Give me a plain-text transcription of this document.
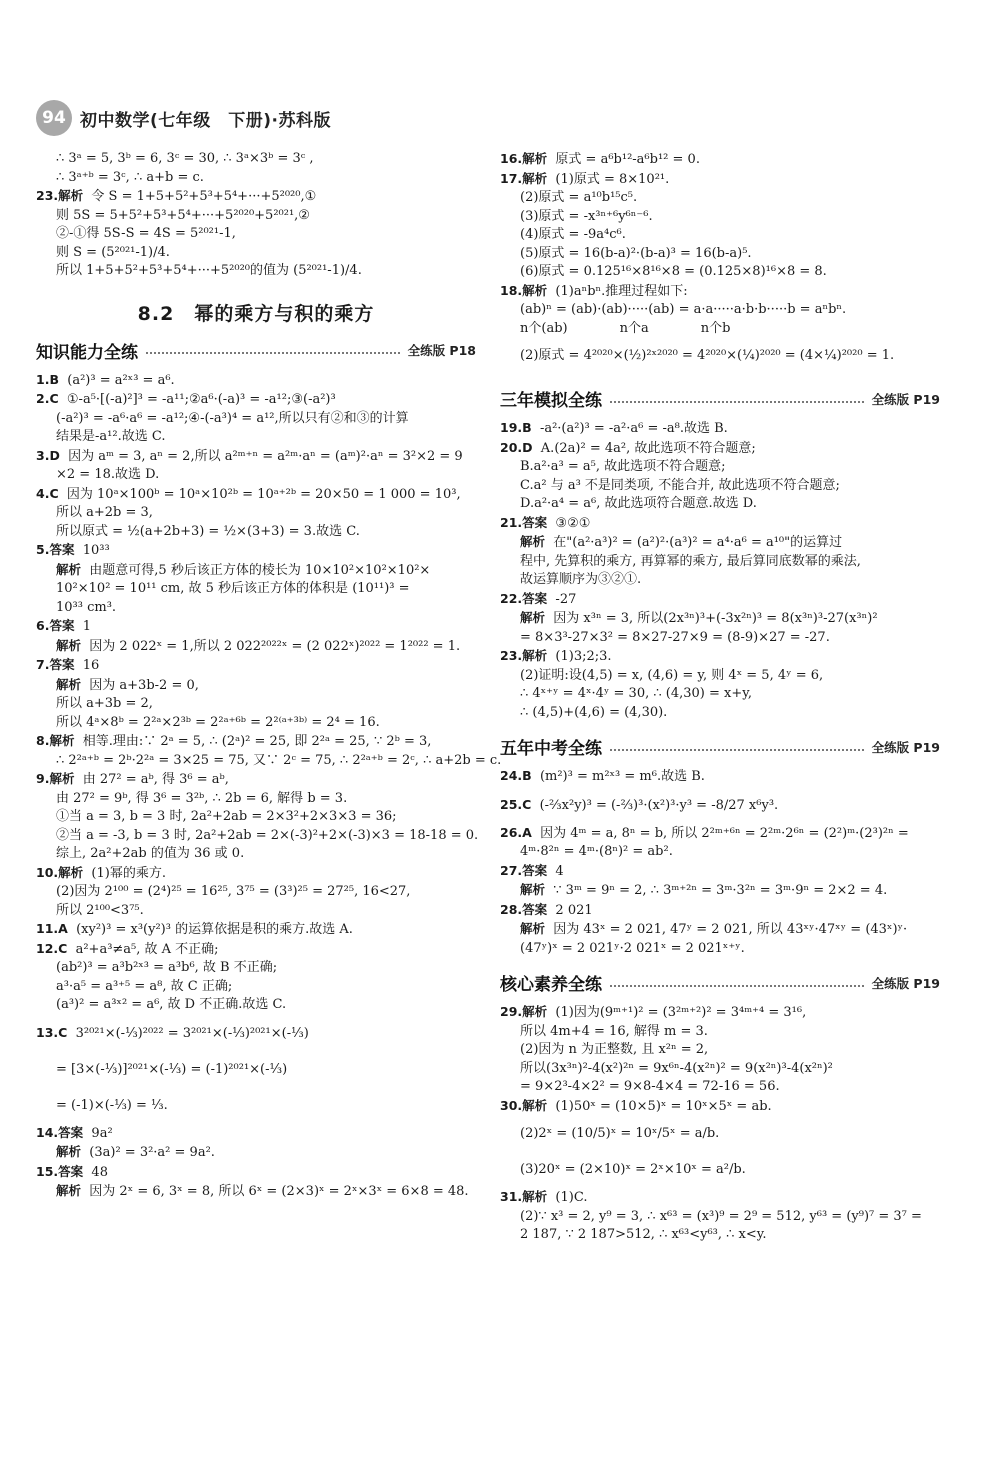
94 初中数学(七年级　下册)·苏科版
∴ 3ᵃ = 5, 3ᵇ = 6, 3ᶜ = 30, ∴ 3ᵃ×3ᵇ = 3ᶜ ,
∴ 3ᵃ⁺ᵇ = 3ᶜ, ∴ a+b = c.
23.解析 令 S = 1+5+5²+5³+5⁴+···+5²⁰²⁰,①
则 5S = 5+5²+5³+5⁴+···+5²⁰²⁰+5²⁰²¹,②
②-①得 5S-S = 4S = 5²⁰²¹-1,
则 S = (5²⁰²¹-1)/4.
所以 1+5+5²+5³+5⁴+···+5²⁰²⁰的值为 (5²⁰²¹-1)/4.
8.2　幂的乘方与积的乘方
知识能力全练	全练版 P18
1.B (a²)³ = a²ˣ³ = a⁶.
2.C ①-a⁵·[(-a)²]³ = -a¹¹;②a⁶·(-a)³ = -a¹²;③(-a²)³
(-a²)³ = -a⁶·a⁶ = -a¹²;④-(-a³)⁴ = a¹²,所以只有②和③的计算
结果是-a¹².故选 C.
3.D 因为 aᵐ = 3, aⁿ = 2,所以 a²ᵐ⁺ⁿ = a²ᵐ·aⁿ = (aᵐ)²·aⁿ = 3²×2 = 9
×2 = 18.故选 D.
4.C 因为 10ᵃ×100ᵇ = 10ᵃ×10²ᵇ = 10ᵃ⁺²ᵇ = 20×50 = 1 000 = 10³,
所以 a+2b = 3,
所以原式 = ½(a+2b+3) = ½×(3+3) = 3.故选 C.
5.答案 10³³
解析 由题意可得,5 秒后该正方体的棱长为 10×10²×10²×10²×
10²×10² = 10¹¹ cm, 故 5 秒后该正方体的体积是 (10¹¹)³ =
10³³ cm³.
6.答案 1
解析 因为 2 022ˣ = 1,所以 2 022²⁰²²ˣ = (2 022ˣ)²⁰²² = 1²⁰²² = 1.
7.答案 16
解析 因为 a+3b-2 = 0,
所以 a+3b = 2,
所以 4ᵃ×8ᵇ = 2²ᵃ×2³ᵇ = 2²ᵃ⁺⁶ᵇ = 2²⁽ᵃ⁺³ᵇ⁾ = 2⁴ = 16.
8.解析 相等.理由:∵ 2ᵃ = 5, ∴ (2ᵃ)² = 25, 即 2²ᵃ = 25, ∵ 2ᵇ = 3,
∴ 2²ᵃ⁺ᵇ = 2ᵇ·2²ᵃ = 3×25 = 75, 又∵ 2ᶜ = 75, ∴ 2²ᵃ⁺ᵇ = 2ᶜ, ∴ a+2b = c.
9.解析 由 27² = aᵇ, 得 3⁶ = aᵇ,
由 27² = 9ᵇ, 得 3⁶ = 3²ᵇ, ∴ 2b = 6, 解得 b = 3.
①当 a = 3, b = 3 时, 2a²+2ab = 2×3²+2×3×3 = 36;
②当 a = -3, b = 3 时, 2a²+2ab = 2×(-3)²+2×(-3)×3 = 18-18 = 0.
综上, 2a²+2ab 的值为 36 或 0.
10.解析 (1)幂的乘方.
(2)因为 2¹⁰⁰ = (2⁴)²⁵ = 16²⁵, 3⁷⁵ = (3³)²⁵ = 27²⁵, 16<27,
所以 2¹⁰⁰<3⁷⁵.
11.A (xy²)³ = x³(y²)³ 的运算依据是积的乘方.故选 A.
12.C a²+a³≠a⁵, 故 A 不正确;
(ab²)³ = a³b²ˣ³ = a³b⁶, 故 B 不正确;
a³·a⁵ = a³⁺⁵ = a⁸, 故 C 正确;
(a³)² = a³ˣ² = a⁶, 故 D 不正确.故选 C.
13.C 3²⁰²¹×(-⅓)²⁰²² = 3²⁰²¹×(-⅓)²⁰²¹×(-⅓)
= [3×(-⅓)]²⁰²¹×(-⅓) = (-1)²⁰²¹×(-⅓)
= (-1)×(-⅓) = ⅓.
14.答案 9a²
解析 (3a)² = 3²·a² = 9a².
15.答案 48
解析 因为 2ˣ = 6, 3ˣ = 8, 所以 6ˣ = (2×3)ˣ = 2ˣ×3ˣ = 6×8 = 48.
16.解析 原式 = a⁶b¹²-a⁶b¹² = 0.
17.解析 (1)原式 = 8×10²¹.
(2)原式 = a¹⁰b¹⁵c⁵.
(3)原式 = -x³ⁿ⁺⁶y⁶ⁿ⁻⁶.
(4)原式 = -9a⁴c⁶.
(5)原式 = 16(b-a)²·(b-a)³ = 16(b-a)⁵.
(6)原式 = 0.125¹⁶×8¹⁶×8 = (0.125×8)¹⁶×8 = 8.
18.解析 (1)aⁿbⁿ.推理过程如下:
(ab)ⁿ = (ab)·(ab)·····(ab) = a·a·····a·b·b·····b = aⁿbⁿ.
n个(ab)　　　　n个a　　　　n个b
(2)原式 = 4²⁰²⁰×(½)²ˣ²⁰²⁰ = 4²⁰²⁰×(¼)²⁰²⁰ = (4×¼)²⁰²⁰ = 1.
三年模拟全练	全练版 P19
19.B -a²·(a²)³ = -a²·a⁶ = -a⁸.故选 B.
20.D A.(2a)² = 4a², 故此选项不符合题意;
B.a²·a³ = a⁵, 故此选项不符合题意;
C.a² 与 a³ 不是同类项, 不能合并, 故此选项不符合题意;
D.a²·a⁴ = a⁶, 故此选项符合题意.故选 D.
21.答案 ③②①
解析 在"(a²·a³)² = (a²)²·(a³)² = a⁴·a⁶ = a¹⁰"的运算过
程中, 先算积的乘方, 再算幂的乘方, 最后算同底数幂的乘法,
故运算顺序为③②①.
22.答案 -27
解析 因为 x³ⁿ = 3, 所以(2x³ⁿ)³+(-3x²ⁿ)³ = 8(x³ⁿ)³-27(x³ⁿ)²
= 8×3³-27×3² = 8×27-27×9 = (8-9)×27 = -27.
23.解析 (1)3;2;3.
(2)证明:设(4,5) = x, (4,6) = y, 则 4ˣ = 5, 4ʸ = 6,
∴ 4ˣ⁺ʸ = 4ˣ·4ʸ = 30, ∴ (4,30) = x+y,
∴ (4,5)+(4,6) = (4,30).
五年中考全练	全练版 P19
24.B (m²)³ = m²ˣ³ = m⁶.故选 B.
25.C (-⅔x²y)³ = (-⅔)³·(x²)³·y³ = -8/27 x⁶y³.
26.A 因为 4ᵐ = a, 8ⁿ = b, 所以 2²ᵐ⁺⁶ⁿ = 2²ᵐ·2⁶ⁿ = (2²)ᵐ·(2³)²ⁿ =
4ᵐ·8²ⁿ = 4ᵐ·(8ⁿ)² = ab².
27.答案 4
解析 ∵ 3ᵐ = 9ⁿ = 2, ∴ 3ᵐ⁺²ⁿ = 3ᵐ·3²ⁿ = 3ᵐ·9ⁿ = 2×2 = 4.
28.答案 2 021
解析 因为 43ˣ = 2 021, 47ʸ = 2 021, 所以 43ˣʸ·47ˣʸ = (43ˣ)ʸ·
(47ʸ)ˣ = 2 021ʸ·2 021ˣ = 2 021ˣ⁺ʸ.
核心素养全练	全练版 P19
29.解析 (1)因为(9ᵐ⁺¹)² = (3²ᵐ⁺²)² = 3⁴ᵐ⁺⁴ = 3¹⁶,
所以 4m+4 = 16, 解得 m = 3.
(2)因为 n 为正整数, 且 x²ⁿ = 2,
所以(3x³ⁿ)²-4(x²)²ⁿ = 9x⁶ⁿ-4(x²ⁿ)² = 9(x²ⁿ)³-4(x²ⁿ)²
= 9×2³-4×2² = 9×8-4×4 = 72-16 = 56.
30.解析 (1)50ˣ = (10×5)ˣ = 10ˣ×5ˣ = ab.
(2)2ˣ = (10/5)ˣ = 10ˣ/5ˣ = a/b.
(3)20ˣ = (2×10)ˣ = 2ˣ×10ˣ = a²/b.
31.解析 (1)C.
(2)∵ x³ = 2, y⁹ = 3, ∴ x⁶³ = (x³)⁹ = 2⁹ = 512, y⁶³ = (y⁹)⁷ = 3⁷ =
2 187, ∵ 2 187>512, ∴ x⁶³<y⁶³, ∴ x<y.
